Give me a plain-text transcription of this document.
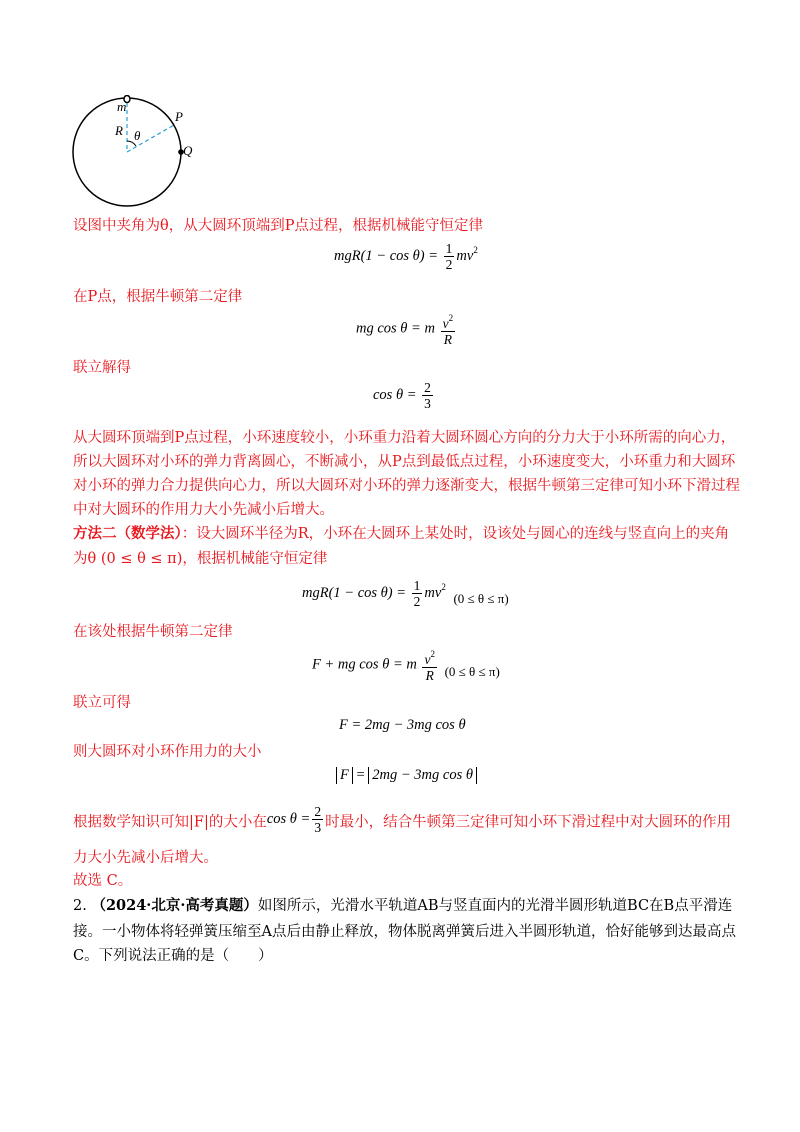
m
R θ
P
Q
设图中夹角为θ，从大圆环顶端到P点过程，根据机械能守恒定律
$mgR(1 - \cos \theta) = \frac{1}{2} mv^2$
在P点，根据牛顿第二定律
mg cos θ = m $\frac{v^2}{R}$
联立解得
$\cos \theta = \frac{2}{3}$
从大圆环顶端到P点过程，小环速度较小，小环重力沿着大圆环圆心方向的分力大于小环所需的向心力，
所以大圆环对小环的弹力背离圆心，不断减小，从P点到最低点过程，小环速度变大，小环重力和大圆环
对小环的弹力合力提供向心力，所以大圆环对小环的弹力逐渐变大，根据牛顿第三定律可知小环下滑过程
中对大圆环的作用力大小先减小后增大。
方法二（数学法）：设大圆环半径为R，小环在大圆环上某处时，设该处与圆心的连线与竖直向上的夹角
为θ (0 ≤ θ ≤ π)，根据机械能守恒定律
$mgR(1 - \cos \theta) = \frac{1}{2} mv^2$ (0 ≤ θ ≤ π)
在该处根据牛顿第二定律
F + mg cos θ = m $\frac{v^2}{R} (0 \le \theta \le \pi)$
联立可得
F = 2mg − 3mg cos θ
则大圆环对小环作用力的大小
F = 2mg − 3mg cos θ
根据数学知识可知|F|的大小在$\cos \theta = \frac{2}{3}$ 时最小，结合牛顿第三定律可知小环下滑过程中对大圆环的作用
力大小先减小后增大。
故选 C。
2. （2024·北京·高考真题）如图所示，光滑水平轨道AB与竖直面内的光滑半圆形轨道BC在B点平滑连
接。一小物体将轻弹簧压缩至A点后由静止释放，物体脱离弹簧后进入半圆形轨道，恰好能够到达最高点
C。下列说法正确的是（　　）
